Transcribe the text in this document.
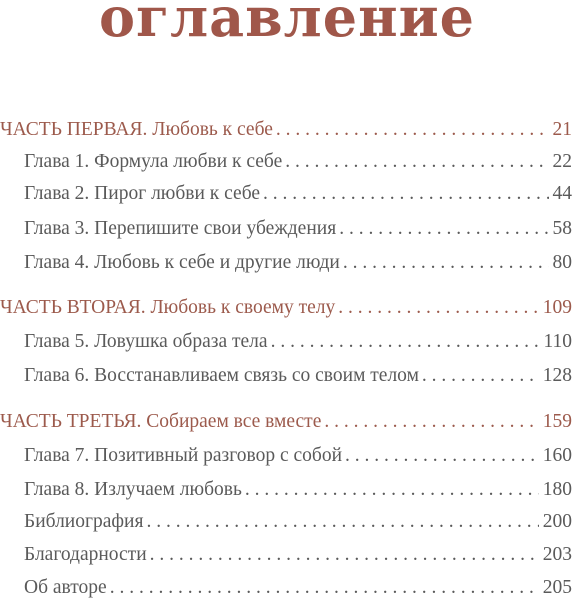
оглавление
ЧАСТЬ ПЕРВАЯ. Любовь к себе . . .	21
Глава 1. Формула любви к себе . . .	22
Глава 2. Пирог любви к себе . . .	44
Глава 3. Перепишите свои убеждения . . .	58
Глава 4. Любовь к себе и другие люди . . .	80
ЧАСТЬ ВТОРАЯ. Любовь к своему телу . . .	109
Глава 5. Ловушка образа тела . . .	110
Глава 6. Восстанавливаем связь со своим телом . . .	128
ЧАСТЬ ТРЕТЬЯ. Собираем все вместе . . .	159
Глава 7. Позитивный разговор с собой . . .	160
Глава 8. Излучаем любовь . . .	180
Библиография . . .	200
Благодарности . . .	203
Об авторе . . .	205
